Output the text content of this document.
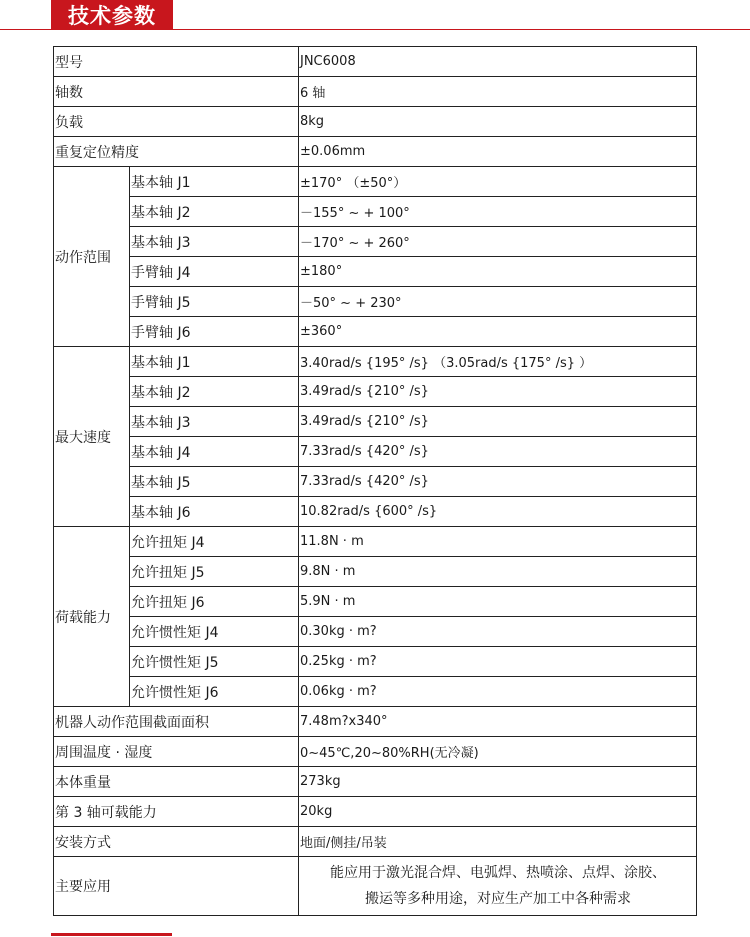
技术参数
型号		JNC6008
轴数		6 轴
负载		8kg
重复定位精度		±0.06mm
动作范围	基本轴 J1	±170° （±50°）
	基本轴 J2	－155° ~ + 100°
	基本轴 J3	－170° ~ + 260°
	手臂轴 J4	±180°
	手臂轴 J5	－50° ~ + 230°
	手臂轴 J6	±360°
最大速度	基本轴 J1	3.40rad/s {195° /s} （3.05rad/s {175° /s} ）
	基本轴 J2	3.49rad/s {210° /s}
	基本轴 J3	3.49rad/s {210° /s}
	基本轴 J4	7.33rad/s {420° /s}
	基本轴 J5	7.33rad/s {420° /s}
	基本轴 J6	10.82rad/s {600° /s}
荷载能力	允许扭矩 J4	11.8N · m
	允许扭矩 J5	9.8N · m
	允许扭矩 J6	5.9N · m
	允许惯性矩 J4	0.30kg · m?
	允许惯性矩 J5	0.25kg · m?
	允许惯性矩 J6	0.06kg · m?
机器人动作范围截面面积		7.48m?x340°
周围温度 · 湿度		0~45℃,20~80%RH(无冷凝)
本体重量		273kg
第 3 轴可载能力		20kg
安装方式		地面/侧挂/吊装
主要应用		能应用于激光混合焊、电弧焊、热喷涂、点焊、涂胶、
搬运等多种用途，对应生产加工中各种需求
